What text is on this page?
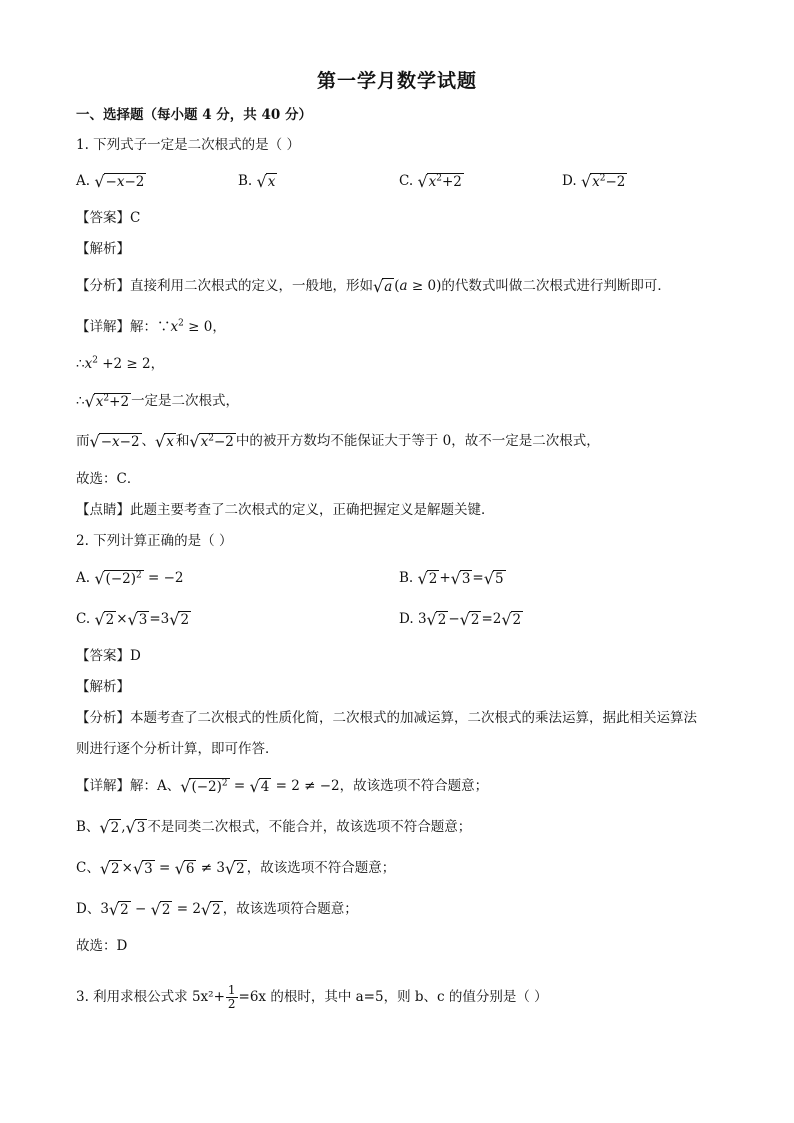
第一学月数学试题
一、选择题（每小题 4 分，共 40 分）
1. 下列式子一定是二次根式的是（ ）
A. √−x−2	B. √x	C. $√x^2+2$	D. $√x^2-2$
【答案】C
【解析】
【分析】直接利用二次根式的定义，一般地，形如√a (a ≥ 0)的代数式叫做二次根式进行判断即可．
【详解】解：$\because x^2 \ge 0$，
$\therefore x^2 +2 \ge 2$，
$\therefore√x^2+2$ 一定是二次根式，
而√−x−2 、√x 和$√x^2-2$ 中的被开方数均不能保证大于等于 0，故不一定是二次根式，
故选：C．
【点睛】此题主要考查了二次根式的定义，正确把握定义是解题关键．
2. 下列计算正确的是（ ）
A. $√(-2)^2 = -2$	B. √2 +√3 =√5
C. √2 ×√3 =3√2	D. 3√2 −√2 =2√2
【答案】D
【解析】
【分析】本题考查了二次根式的性质化简，二次根式的加减运算，二次根式的乘法运算，据此相关运算法
则进行逐个分析计算，即可作答．
【详解】解：A、$√(-2)^2 = √4 = 2 \ne -2$，故该选项不符合题意；
B、√2 ,√3 不是同类二次根式，不能合并，故该选项不符合题意；
C、√2 ×√3 = √6 ≠ 3√2 ，故该选项不符合题意；
D、3√2 − √2 = 2√2 ，故该选项符合题意；
故选：D
3. 利用求根公式求 $5x^2+ \frac{1}{2} =6x$ 的根时，其中 a=5，则 b、c 的值分别是（ ）
